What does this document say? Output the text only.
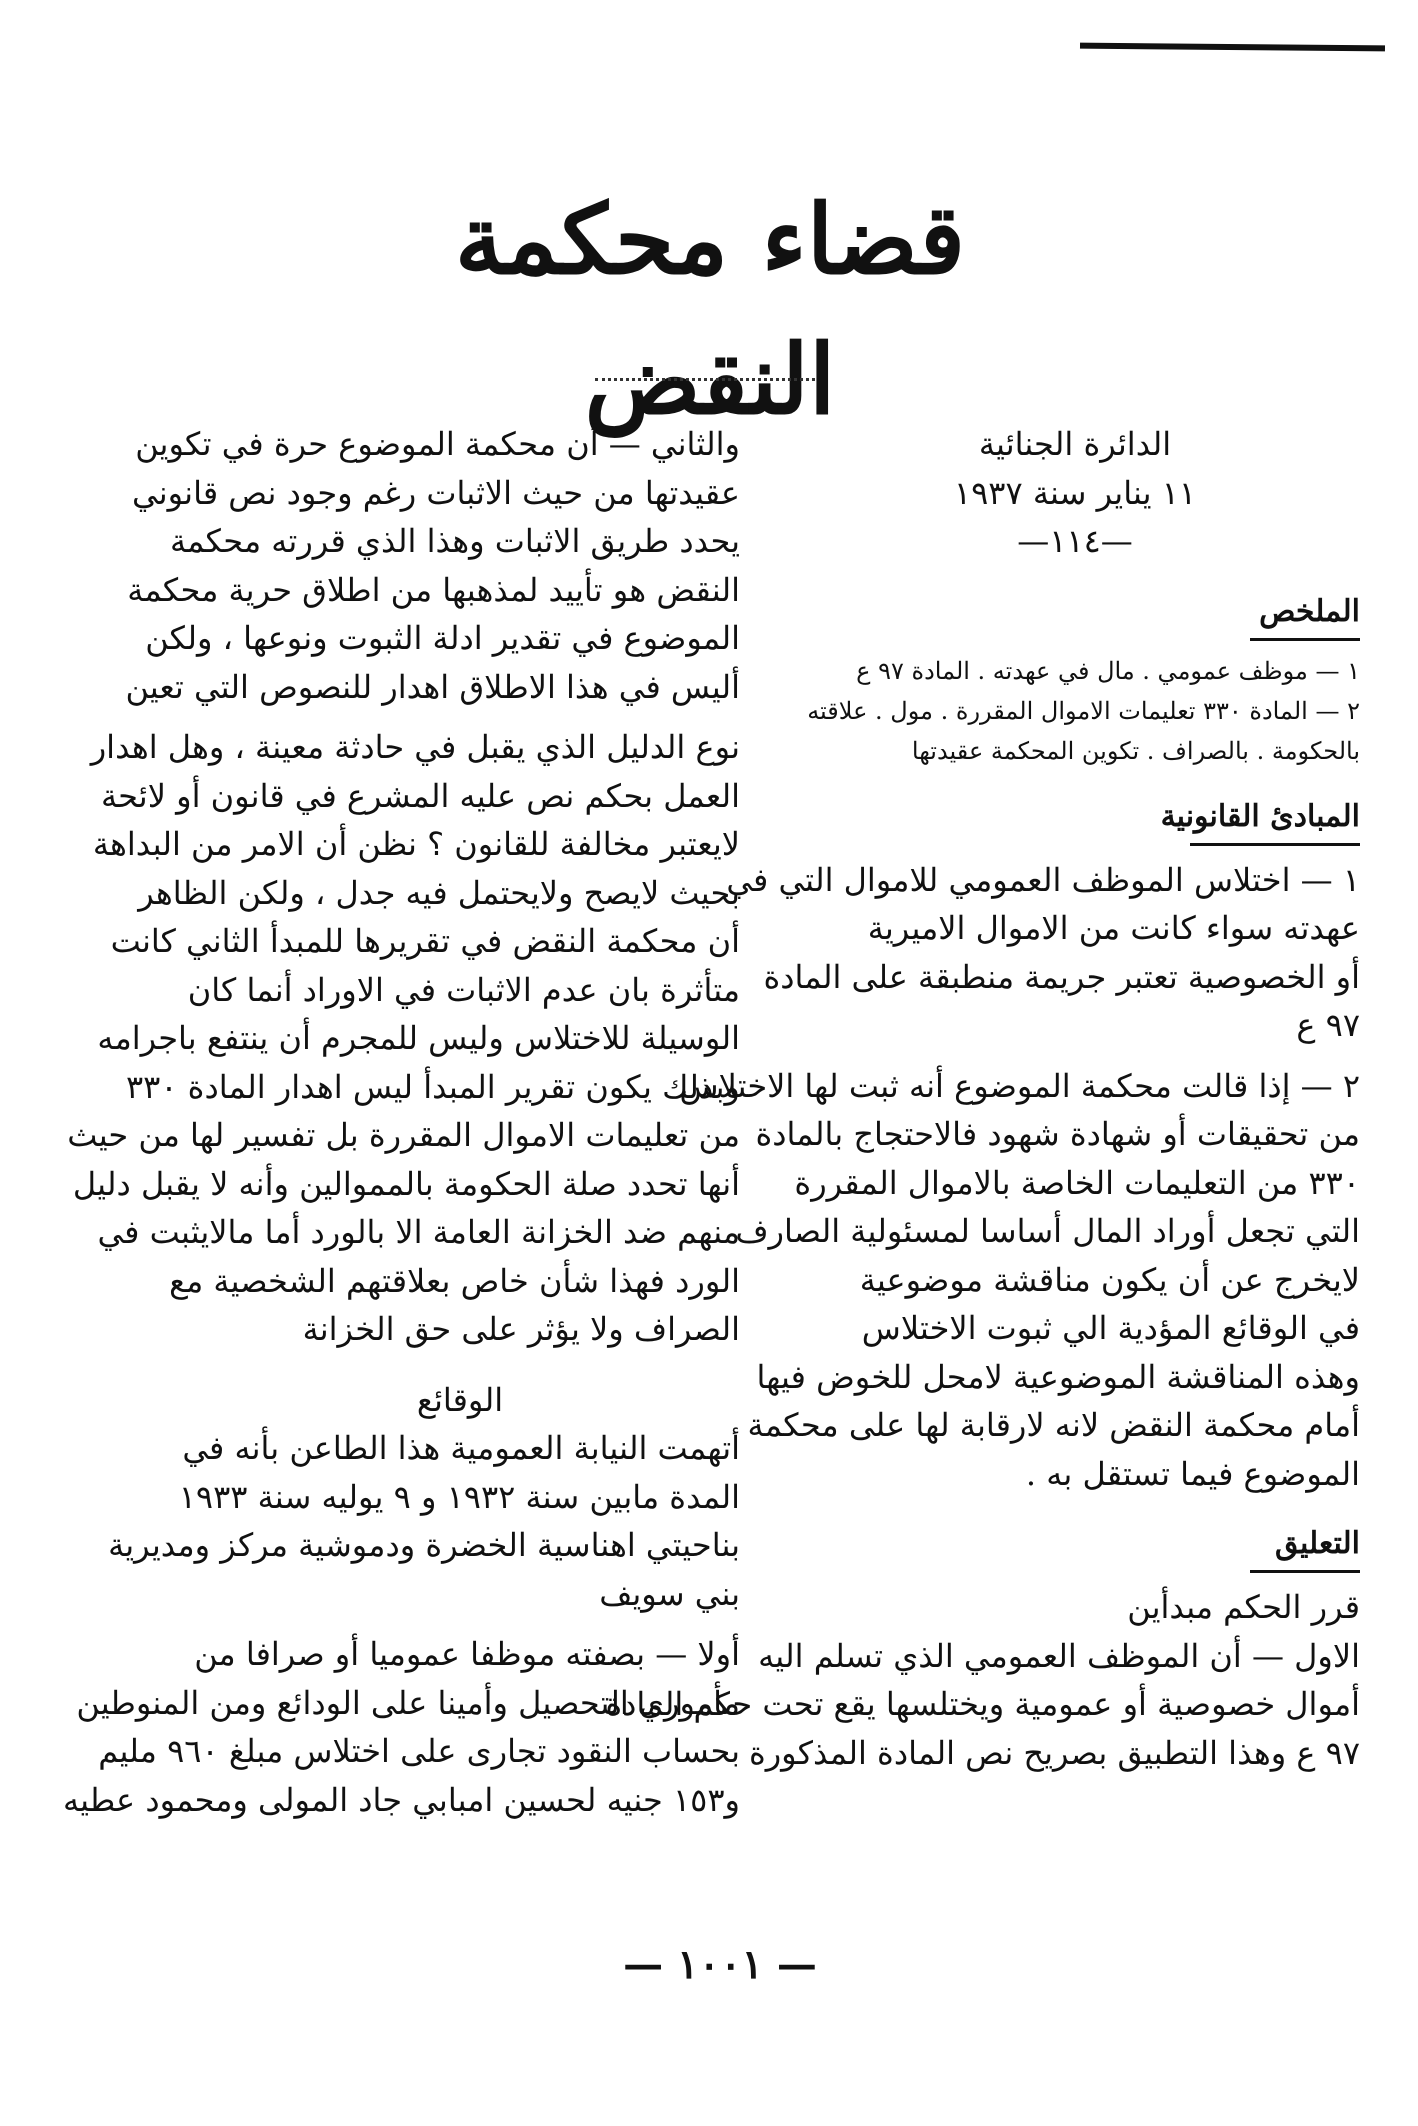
قضاء محكمة النقض
الدائرة الجنائية
١١ يناير سنة ١٩٣٧
—١١٤—
الملخص
١ — موظف عمومي . مال في عهدته . المادة ٩٧ ع
٢ — المادة ٣٣٠ تعليمات الاموال المقررة . مول . علاقته
بالحكومة . بالصراف . تكوين المحكمة عقيدتها
المبادئ القانونية
١ — اختلاس الموظف العمومي للاموال التي في
عهدته سواء كانت من الاموال الاميرية
أو الخصوصية تعتبر جريمة منطبقة على المادة
٩٧ ع
٢ — إذا قالت محكمة الموضوع أنه ثبت لها الاختلاس
من تحقيقات أو شهادة شهود فالاحتجاج بالمادة
٣٣٠ من التعليمات الخاصة بالاموال المقررة
التي تجعل أوراد المال أساسا لمسئولية الصارف
لايخرج عن أن يكون مناقشة موضوعية
في الوقائع المؤدية الي ثبوت الاختلاس
وهذه المناقشة الموضوعية لامحل للخوض فيها
أمام محكمة النقض لانه لارقابة لها على محكمة
الموضوع فيما تستقل به .
التعليق
قرر الحكم مبدأين
الاول — أن الموظف العمومي الذي تسلم اليه
أموال خصوصية أو عمومية ويختلسها يقع تحت حكم المادة
٩٧ ع وهذا التطبيق بصريح نص المادة المذكورة
والثاني — أن محكمة الموضوع حرة في تكوين
عقيدتها من حيث الاثبات رغم وجود نص قانوني
يحدد طريق الاثبات وهذا الذي قررته محكمة
النقض هو تأييد لمذهبها من اطلاق حرية محكمة
الموضوع في تقدير ادلة الثبوت ونوعها ، ولكن
أليس في هذا الاطلاق اهدار للنصوص التي تعين
نوع الدليل الذي يقبل في حادثة معينة ، وهل اهدار
العمل بحكم نص عليه المشرع في قانون أو لائحة
لايعتبر مخالفة للقانون ؟ نظن أن الامر من البداهة
بحيث لايصح ولايحتمل فيه جدل ، ولكن الظاهر
أن محكمة النقض في تقريرها للمبدأ الثاني كانت
متأثرة بان عدم الاثبات في الاوراد أنما كان
الوسيلة للاختلاس وليس للمجرم أن ينتفع باجرامه
وبذلك يكون تقرير المبدأ ليس اهدار المادة ٣٣٠
من تعليمات الاموال المقررة بل تفسير لها من حيث
أنها تحدد صلة الحكومة بالمموالين وأنه لا يقبل دليل
منهم ضد الخزانة العامة الا بالورد أما مالايثبت في
الورد فهذا شأن خاص بعلاقتهم الشخصية مع
الصراف ولا يؤثر على حق الخزانة
الوقائع
أتهمت النيابة العمومية هذا الطاعن بأنه في
المدة مابين سنة ١٩٣٢ و ٩ يوليه سنة ١٩٣٣
بناحيتي اهناسية الخضرة ودموشية مركز ومديرية
بني سويف
أولا — بصفته موظفا عموميا أو صرافا من
مأموري التحصيل وأمينا على الودائع ومن المنوطين
بحساب النقود تجارى على اختلاس مبلغ ٩٦٠ مليم
و١٥٣ جنيه لحسين امبابي جاد المولى ومحمود عطيه
— ١٠٠١ —
